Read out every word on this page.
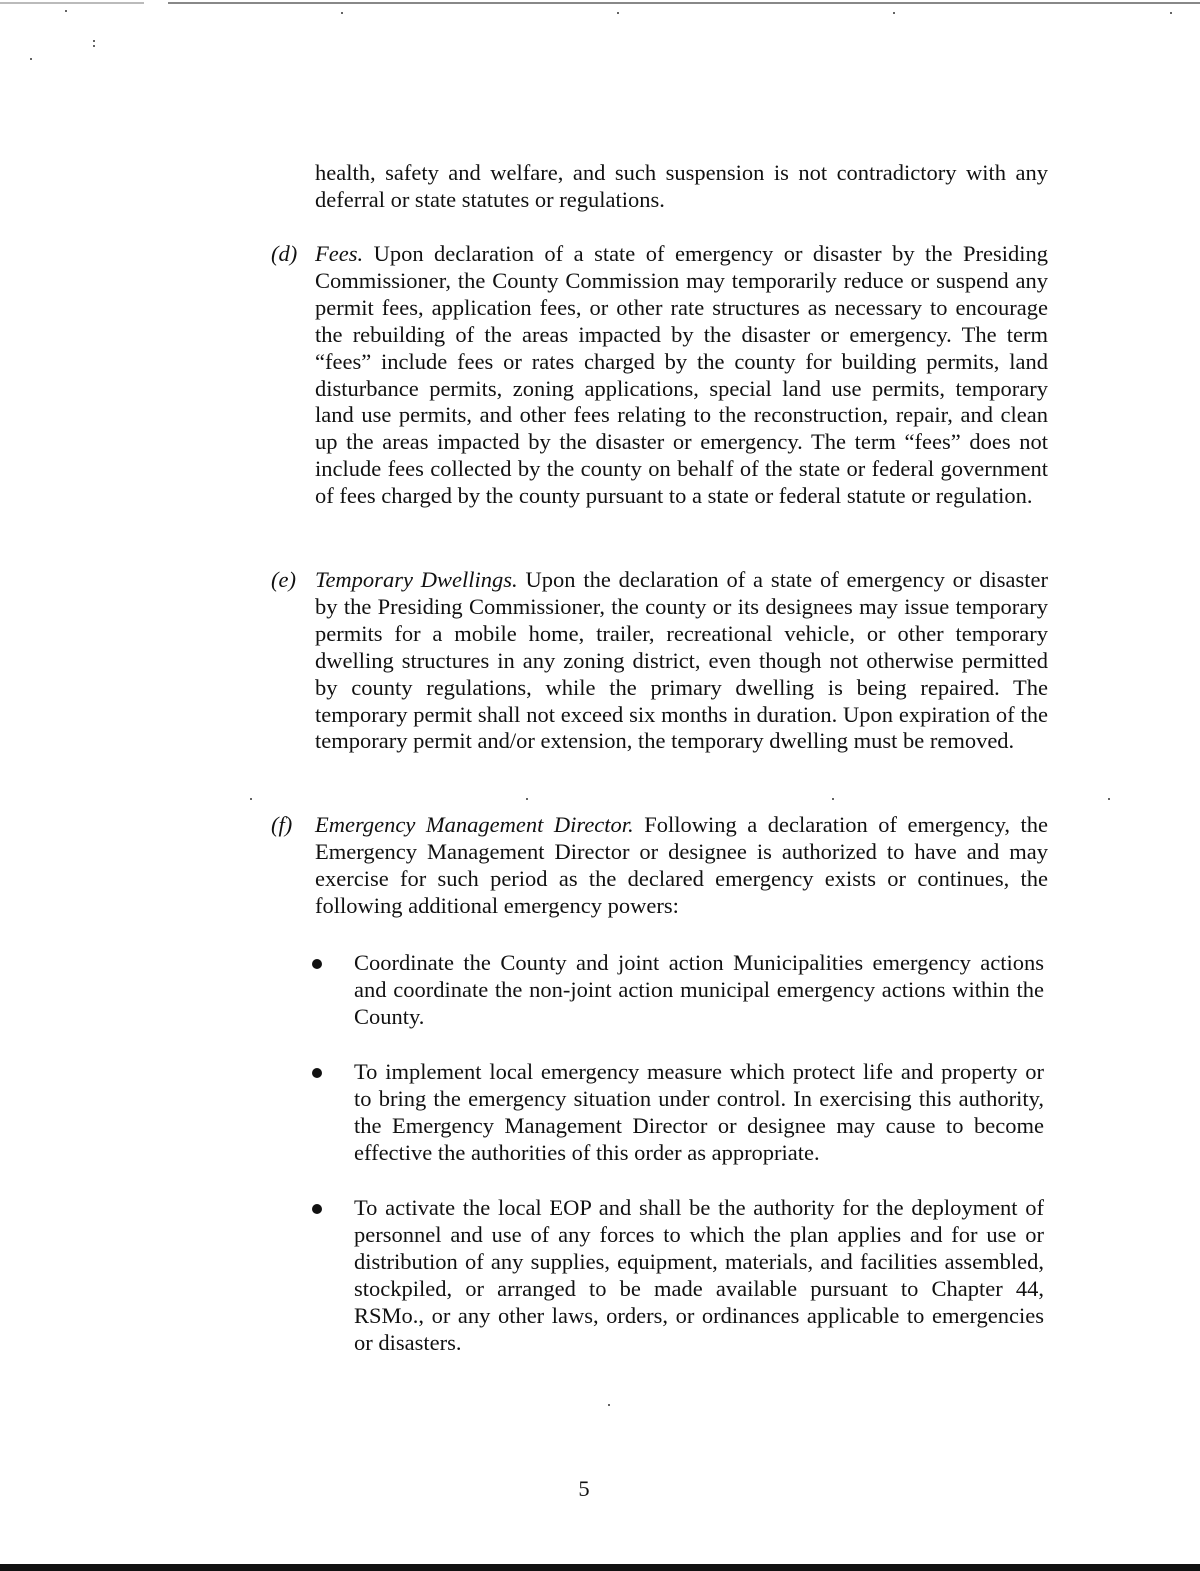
health, safety and welfare, and such suspension is not contradictory with any deferral or state statutes or regulations.

(d) Fees. Upon declaration of a state of emergency or disaster by the Presiding Commissioner, the County Commission may temporarily reduce or suspend any permit fees, application fees, or other rate structures as necessary to encourage the rebuilding of the areas impacted by the disaster or emergency. The term “fees” include fees or rates charged by the county for building permits, land disturbance permits, zoning applications, special land use permits, temporary land use permits, and other fees relating to the reconstruction, repair, and clean up the areas impacted by the disaster or emergency. The term “fees” does not include fees collected by the county on behalf of the state or federal government of fees charged by the county pursuant to a state or federal statute or regulation.

(e) Temporary Dwellings. Upon the declaration of a state of emergency or disaster by the Presiding Commissioner, the county or its designees may issue temporary permits for a mobile home, trailer, recreational vehicle, or other temporary dwelling structures in any zoning district, even though not otherwise permitted by county regulations, while the primary dwelling is being repaired. The temporary permit shall not exceed six months in duration. Upon expiration of the temporary permit and/or extension, the temporary dwelling must be removed.

(f) Emergency Management Director. Following a declaration of emergency, the Emergency Management Director or designee is authorized to have and may exercise for such period as the declared emergency exists or continues, the following additional emergency powers:

Coordinate the County and joint action Municipalities emergency actions and coordinate the non-joint action municipal emergency actions within the County.

To implement local emergency measure which protect life and property or to bring the emergency situation under control. In exercising this authority, the Emergency Management Director or designee may cause to become effective the authorities of this order as appropriate.

To activate the local EOP and shall be the authority for the deployment of personnel and use of any forces to which the plan applies and for use or distribution of any supplies, equipment, materials, and facilities assembled, stockpiled, or arranged to be made available pursuant to Chapter 44, RSMo., or any other laws, orders, or ordinances applicable to emergencies or disasters.

5
